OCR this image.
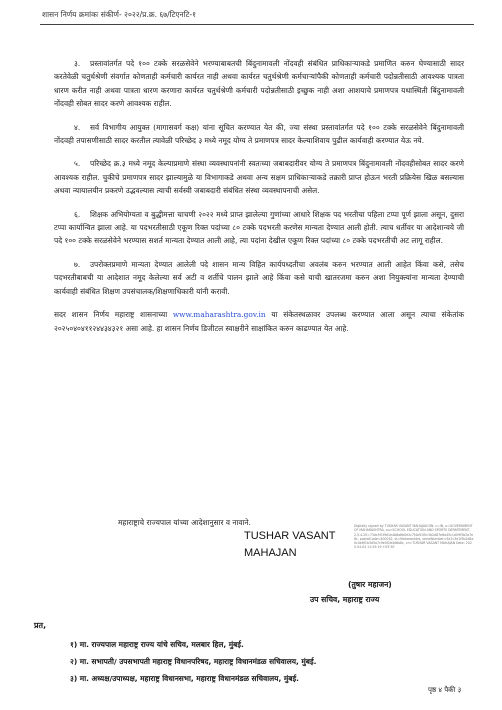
शासन निर्णय क्रमांकः संकीर्ण- २०२२/प्र.क्र. ६७/टिएनटि-१

३. प्रस्तावांतर्गत पदे १०० टक्के सरळसेवेने भरण्याबाबतची बिंदुनामावली नोंदवही संबंधित प्राधिकाऱ्याकडे प्रमाणित करुन घेण्यासाठी सादर करतेवेळी चतुर्थश्रेणी संवर्गात कोणताही कर्मचारी कार्यरत नाही अथवा कार्यरत चतुर्थश्रेणी कर्मचाऱ्यांपैकी कोणताही कर्मचारी पदोन्नतीसाठी आवश्यक पात्रता धारण करीत नाही अथवा पात्रता धारण करणारा कार्यरत चतुर्थश्रेणी कर्मचारी पदोन्नतीसाठी इच्छुक नाही अशा आशयाचे प्रमाणपत्र यथास्थिती बिंदुनामावली नोंदवही सोबत सादर करणे आवश्यक राहील.

४. सर्व विभागीय आयुक्त (मागासवर्ग कक्ष) यांना सूचित करण्यात येत की, ज्या संस्था प्रस्तावांतर्गत पदे १०० टक्के सरळसेवेने बिंदुनामावली नोंदवही तपासणीसाठी सादर करतील त्यावेळी परिच्छेद ३ मध्ये नमूद योग्य ते प्रमाणपत्र सादर केल्याशिवाय पुढील कार्यवाही करण्यात येऊ नये.

५. परिच्छेद क्र.३ मध्ये नमूद केल्याप्रमाणे संस्था व्यवस्थापनांनी स्वतःच्या जबाबदारीवर योग्य ते प्रमाणपत्र बिंदुनामावली नोंदवहीसोबत सादर करणे आवश्यक राहील. चुकीचे प्रमाणपत्र सादर झाल्यामुळे या विभागाकडे अथवा अन्य सक्षम प्राधिकाऱ्याकडे तक्रारी प्राप्त होऊन भरती प्रक्रियेस खिळ बसल्यास अथवा न्यायालयीन प्रकरणे उद्भवल्यास त्याची सर्वस्वी जबाबदारी संबंधित संस्था व्यवस्थापनाची असेल.

६. शिक्षक अभियोग्यता व बुद्धीमत्ता चाचणी २०२२ मध्ये प्राप्त झालेल्या गुणांच्या आधारे शिक्षक पद भरतीचा पहिला टप्पा पूर्ण झाला असून, दुसरा टप्पा कार्यान्वित झाला आहे. या पदभरतीसाठी एकूण रिक्त पदांच्या ८० टक्के पदभरती करणेस मान्यता देण्यात आली होती. त्याच धर्तीवर या आदेशान्वये जी पदे १०० टक्के सरळसेवेने भरण्यास सशर्त मान्यता देण्यात आली आहे, त्या पदांना देखील एकूण रिक्त पदांच्या ८० टक्के पदभरतीची अट लागू राहील.

७. उपरोक्तप्रमाणे मान्यता देण्यात आलेली पदे शासन मान्य विहित कार्यपध्दतीचा अवलंब करुन भरण्यात आली आहेत किंवा कसे, तसेच पदभरतीबाबची या आदेशात नमूद केलेल्या सर्व अटी व शर्तीचे पालन झाले आहे किंवा कसे याची खातरजमा करुन अशा नियुक्त्यांना मान्यता देण्याची कार्यवाही संबंधित शिक्षण उपसंचालक/शिक्षणाधिकारी यांनी करावी.

सदर शासन निर्णय महाराष्ट्र शासनाच्या www.maharashtra.gov.in या संकेतस्थळावर उपलब्ध करण्यात आला असून त्याचा संकेतांक २०२५०४०४११२४४३४३२१ असा आहे. हा शासन निर्णय डिजीटल स्वाक्षरीने साक्षांकित करुन काढण्यात येत आहे.

महाराष्ट्राचे राज्यपाल यांच्या आदेशानुसार व नावाने.
TUSHAR VASANT
MAHAJAN
Digitally signed by TUSHAR VASANT MAHAJAN DN: c=IN, o=GOVERNMENT OF MAHARASHTRA, ou=SCHOOL EDUCATION AND SPORTS DEPARTMENT, 2.5.4.20=73dc5f1f9d1e4b8a6b0e2c7f4a91f0c3b2d87e6a45c1d09f3b2a7e8c, postalCode=400032, st=Maharashtra, serialNumber=9a7c3e1f5b2d8a0c4e6f1b3d5a7c9e0f2b4d6a8c, cn=TUSHAR VASANT MAHAJAN Date: 2025.04.04 11:35:19 +05'30'
(तुषार महाजन)
उप सचिव, महाराष्ट्र राज्य
प्रत,
१) मा. राज्यपाल महाराष्ट्र राज्य यांचे सचिव, मलबार हिल, मुंबई.
२) मा. सभापती/ उपसभापती महाराष्ट्र विधानपरिषद, महाराष्ट्र विधानमंडळ सचिवालय, मुंबई.
३) मा. अध्यक्ष/उपाध्यक्ष, महाराष्ट्र विधानसभा, महाराष्ट्र विधानमंडळ सचिवालय, मुंबई.
पृष्ठ ४ पैकी ३
